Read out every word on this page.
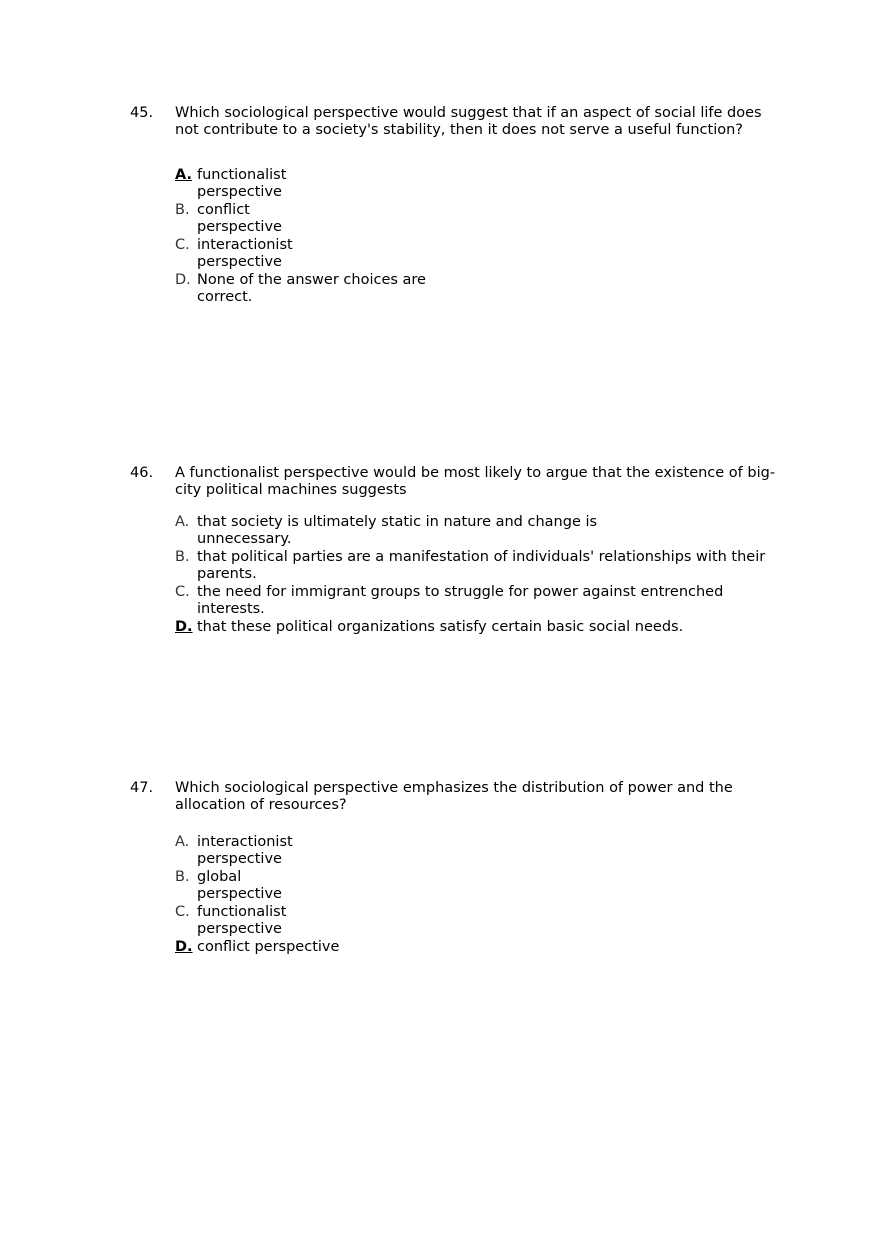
45. Which sociological perspective would suggest that if an aspect of social life does not contribute to a society's stability, then it does not serve a useful function?
A. functionalist perspective
B. conflict perspective
C. interactionist perspective
D. None of the answer choices are correct.
46. A functionalist perspective would be most likely to argue that the existence of big-city political machines suggests
A. that society is ultimately static in nature and change is unnecessary.
B. that political parties are a manifestation of individuals' relationships with their parents.
C. the need for immigrant groups to struggle for power against entrenched interests.
D. that these political organizations satisfy certain basic social needs.
47. Which sociological perspective emphasizes the distribution of power and the allocation of resources?
A. interactionist perspective
B. global perspective
C. functionalist perspective
D. conflict perspective
